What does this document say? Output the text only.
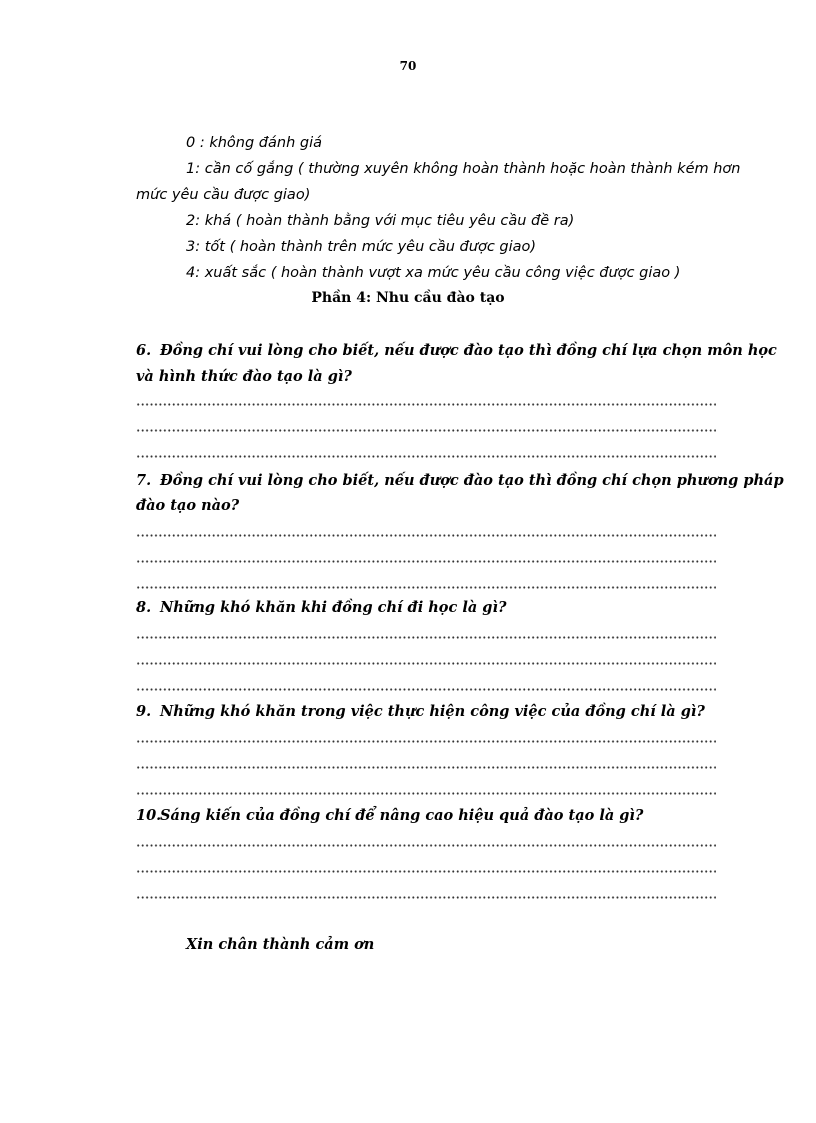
70
0 : không đánh giá
1: cần cố gắng ( thường xuyên không hoàn thành hoặc hoàn thành kém hơn
mức yêu cầu được giao)
2: khá ( hoàn thành bằng với mục tiêu yêu cầu đề ra)
3: tốt ( hoàn thành trên mức yêu cầu được giao)
4: xuất sắc ( hoàn thành vượt xa mức yêu cầu công việc được giao )
Phần 4: Nhu cầu đào tạo
6. Đồng chí vui lòng cho biết, nếu được đào tạo thì đồng chí lựa chọn môn học
và hình thức đào tạo là gì?
7. Đồng chí vui lòng cho biết, nếu được đào tạo thì đồng chí chọn phương pháp
đào tạo nào?
8. Những khó khăn khi đồng chí đi học là gì?
9. Những khó khăn trong việc thực hiện công việc của đồng chí là gì?
10.Sáng kiến của đồng chí để nâng cao hiệu quả đào tạo là gì?
Xin chân thành cảm ơn
